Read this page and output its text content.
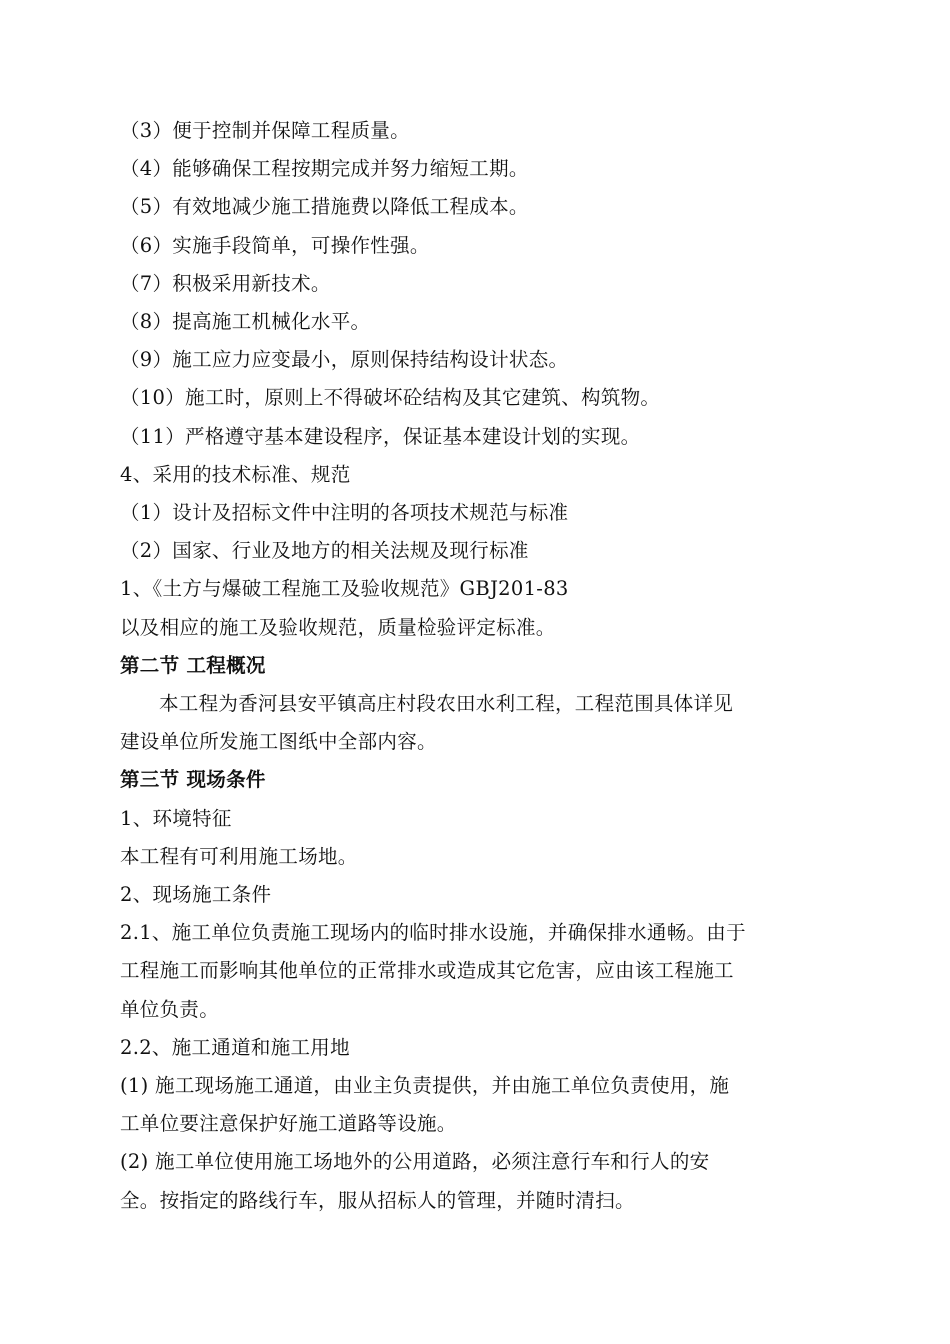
（3）便于控制并保障工程质量。
（4）能够确保工程按期完成并努力缩短工期。
（5）有效地减少施工措施费以降低工程成本。
（6）实施手段简单，可操作性强。
（7）积极采用新技术。
（8）提高施工机械化水平。
（9）施工应力应变最小，原则保持结构设计状态。
（10）施工时，原则上不得破坏砼结构及其它建筑、构筑物。
（11）严格遵守基本建设程序，保证基本建设计划的实现。
4、采用的技术标准、规范
（1）设计及招标文件中注明的各项技术规范与标准
（2）国家、行业及地方的相关法规及现行标准
1、《土方与爆破工程施工及验收规范》GBJ201-83
以及相应的施工及验收规范，质量检验评定标准。
第二节 工程概况
本工程为香河县安平镇高庄村段农田水利工程，工程范围具体详见
建设单位所发施工图纸中全部内容。
第三节 现场条件
1、环境特征
本工程有可利用施工场地。
2、现场施工条件
2.1、施工单位负责施工现场内的临时排水设施，并确保排水通畅。由于
工程施工而影响其他单位的正常排水或造成其它危害，应由该工程施工
单位负责。
2.2、施工通道和施工用地
(1) 施工现场施工通道，由业主负责提供，并由施工单位负责使用，施
工单位要注意保护好施工道路等设施。
(2) 施工单位使用施工场地外的公用道路，必须注意行车和行人的安
全。按指定的路线行车，服从招标人的管理，并随时清扫。
